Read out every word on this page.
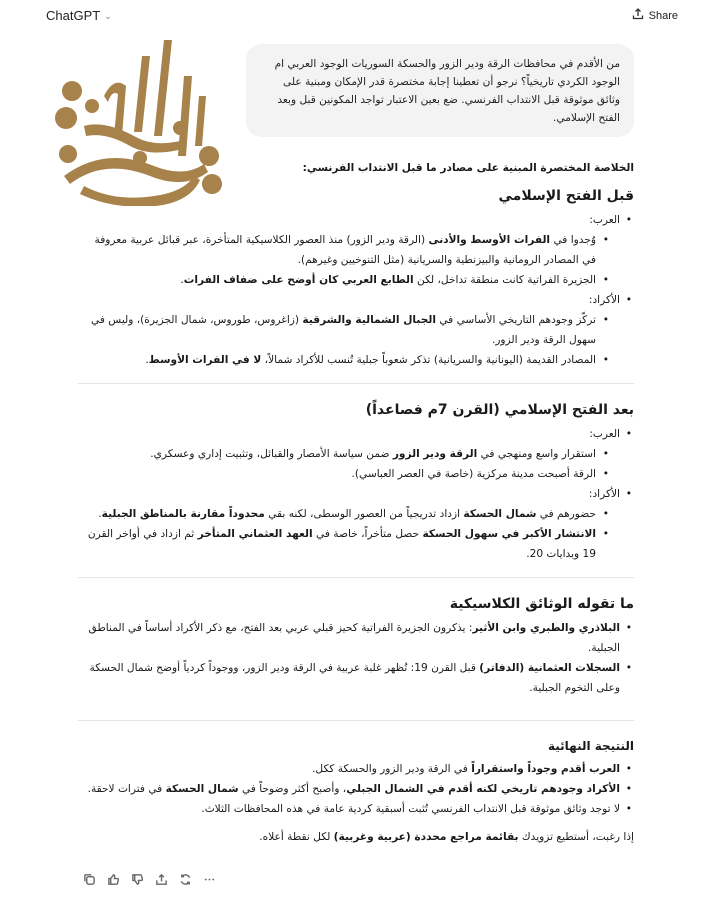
ChatGPT ⌄	Share
من الأقدم في محافظات الرقة ودير الزور والحسكة السوريات الوجود العربي ام الوجود الكردي تاريخياً؟ نرجو أن تعطينا إجابة مختصرة قدر الإمكان ومبنية على وثائق موثوقة قبل الانتداب الفرنسي. ضع بعين الاعتبار تواجد المكونين قبل وبعد الفتح الإسلامي.
الخلاصة المختصرة المبنية على مصادر ما قبل الانتداب الفرنسي:
قبل الفتح الإسلامي
• العرب:
• وُجدوا في الفرات الأوسط والأدنى (الرقة ودير الزور) منذ العصور الكلاسيكية المتأخرة، عبر قبائل عربية معروفة في المصادر الرومانية والبيزنطية والسريانية (مثل التنوخيين وغيرهم).
• الجزيرة الفراتية كانت منطقة تداخل، لكن الطابع العربي كان أوضح على ضفاف الفرات.
• الأكراد:
• تركّز وجودهم التاريخي الأساسي في الجبال الشمالية والشرقية (زاغروس، طوروس، شمال الجزيرة)، وليس في سهول الرقة ودير الزور.
• المصادر القديمة (اليونانية والسريانية) تذكر شعوباً جبلية تُنسب للأكراد شمالاً، لا في الفرات الأوسط.
بعد الفتح الإسلامي (القرن 7م فصاعداً)
• العرب:
• استقرار واسع ومنهجي في الرقة ودير الزور ضمن سياسة الأمصار والقبائل، وتثبيت إداري وعسكري.
• الرقة أصبحت مدينة مركزية (خاصة في العصر العباسي).
• الأكراد:
• حضورهم في شمال الحسكة ازداد تدريجياً من العصور الوسطى، لكنه بقي محدوداً مقارنة بالمناطق الجبلية.
• الانتشار الأكبر في سهول الحسكة حصل متأخراً، خاصة في العهد العثماني المتأخر ثم ازداد في أواخر القرن 19 وبدايات 20.
ما تقوله الوثائق الكلاسيكية
• البلاذري والطبري وابن الأثير: يذكرون الجزيرة الفراتية كحيز قبلي عربي بعد الفتح، مع ذكر الأكراد أساساً في المناطق الجبلية.
• السجلات العثمانية (الدفاتر) قبل القرن 19: تُظهر غلبة عربية في الرقة ودير الزور، ووجوداً كردياً أوضح شمال الحسكة وعلى التخوم الجبلية.
النتيجة النهائية
• العرب أقدم وجوداً واستقراراً في الرقة ودير الزور والحسكة ككل.
• الأكراد وجودهم تاريخي لكنه أقدم في الشمال الجبلي، وأصبح أكثر وضوحاً في شمال الحسكة في فترات لاحقة.
• لا توجد وثائق موثوقة قبل الانتداب الفرنسي تُثبت أسبقية كردية عامة في هذه المحافظات الثلاث.
إذا رغبت، أستطيع تزويدك بقائمة مراجع محددة (عربية وغربية) لكل نقطة أعلاه.
